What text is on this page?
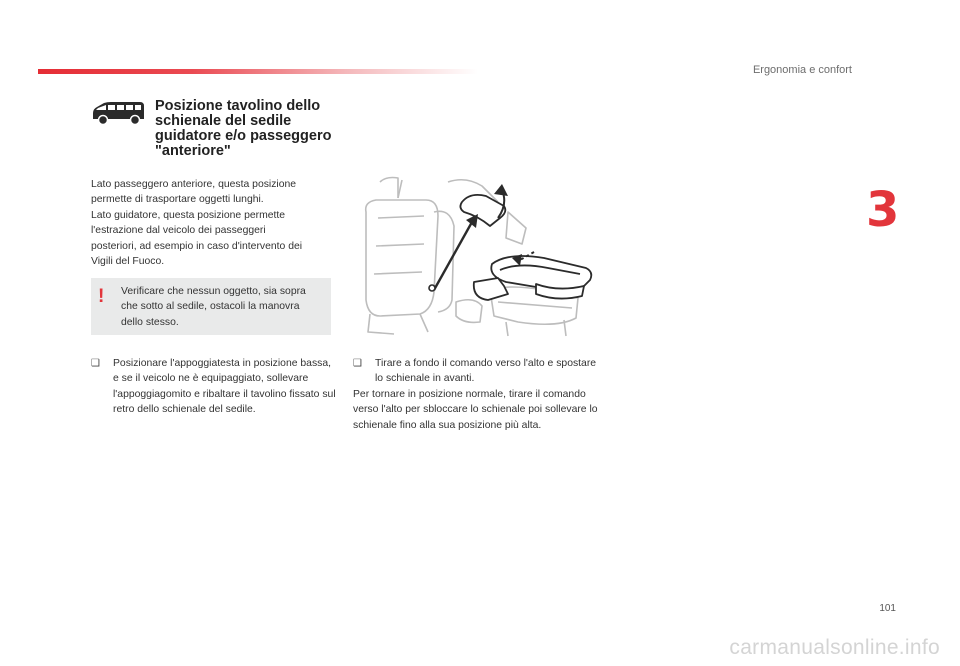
Ergonomia e confort
3
Posizione tavolino dello schienale del sedile guidatore e/o passeggero "anteriore"

Lato passeggero anteriore, questa posizione
permette di trasportare oggetti lunghi.
Lato guidatore, questa posizione permette
l'estrazione dal veicolo dei passeggeri
posteriori, ad esempio in caso d'intervento dei
Vigili del Fuoco.

! Verificare che nessun oggetto, sia sopra che sotto al sedile, ostacoli la manovra dello stesso.

❑	Posizionare l'appoggiatesta in posizione bassa, e se il veicolo ne è equipaggiato, sollevare l'appoggiagomito e ribaltare il tavolino fissato sul retro dello schienale del sedile.
❑	Tirare a fondo il comando verso l'alto e spostare lo schienale in avanti.

Per tornare in posizione normale, tirare il comando verso l'alto per sbloccare lo schienale poi sollevare lo schienale fino alla sua posizione più alta.

101
carmanualsonline.info
